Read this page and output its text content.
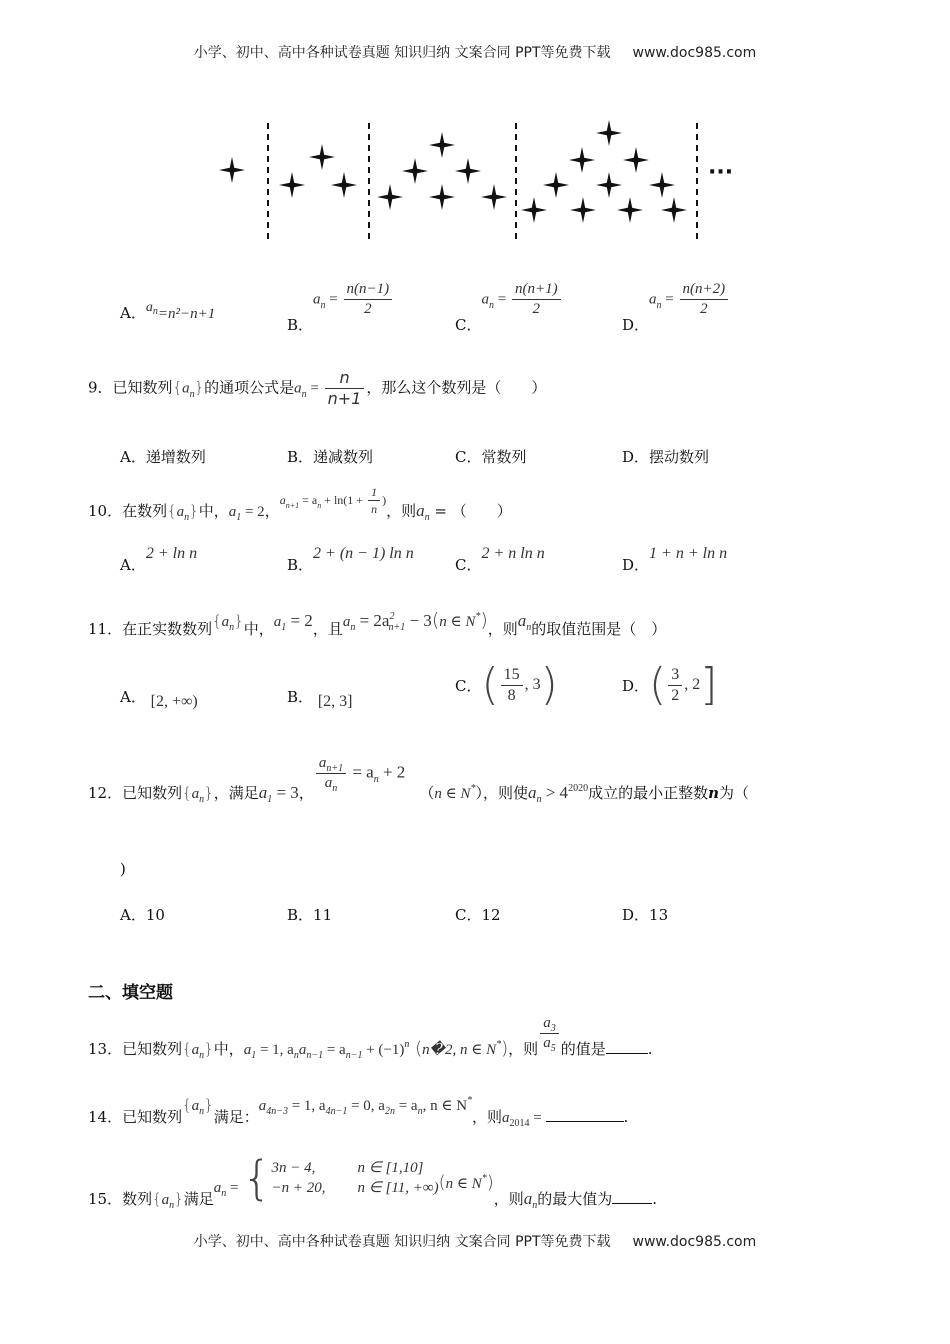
小学、初中、高中各种试卷真题 知识归纳 文案合同 PPT等免费下载 www.doc985.com
···
A．$a^n=n^2-n+1$
B．$a_n = \frac{n(n-1)}{2}$
C．$a_n = \frac{n(n+1)}{2}$
D．$a_n = \frac{n(n+2)}{2}$
9．已知数列$\{a_n\}$的通项公式是$a_n = \frac{n}{n+1}$ ，那么这个数列是（　　）
A．递增数列	B．递减数列	C．常数列	D．摆动数列
10．在数列$\{a_n\}$中，$a_1 = 2$，$a_{n+1} = a_n + \ln(1 + \frac{1}{n}$ )，则$a_n$ = （　　）
A．2 + ln n
B．2 + (n − 1) ln n
C．2 + n ln n
D．1 + n + ln n
11．在正实数数列$\{a_n\}$中，$a_1 = 2$，且$a_n = 2a^2_{n+1} - 3(n$ ∈ N*)，则$a_n$的取值范围是（　）
A． [2, +∞)	B． [2, 3]
C．( $\frac{15}{8}$ , 3)	D．( $\frac{3}{2}$ , 2]
12．已知数列$\{a_n\}$，满足$a_1 = 3$，
$\frac{a_{n+1}}{a_n} = a_n + 2(n$ ∈ N*），则使$a_n > 4^{2020}$成立的最小正整数n为（
)
A．10	B．11	C．12	D．13
二、填空题
13．已知数列$\{a_n\}$中，$a_1 = 1$, $a_na_{n-1} = a_{n-1} + (-1)^n$ (n�2, n ∈ N*)，则 $\frac{a_3}{a_5}$ 的值是	.
14．已知数列$\{a_n\}$满足：$a_{4n-3} = 1$, $a_{4n-1} = 0$, $a_{2n} = a_n$, n ∈ N*，则$a_{2014}$ =	.
15．数列$\{a_n\}$满足$a_n$ = { 3n − 4,	n ∈ [1,10]
−n + 20, n ∈ [11, +∞) (n ∈ N*)，则$a_n$的最大值为	.
小学、初中、高中各种试卷真题 知识归纳 文案合同 PPT等免费下载 www.doc985.com
